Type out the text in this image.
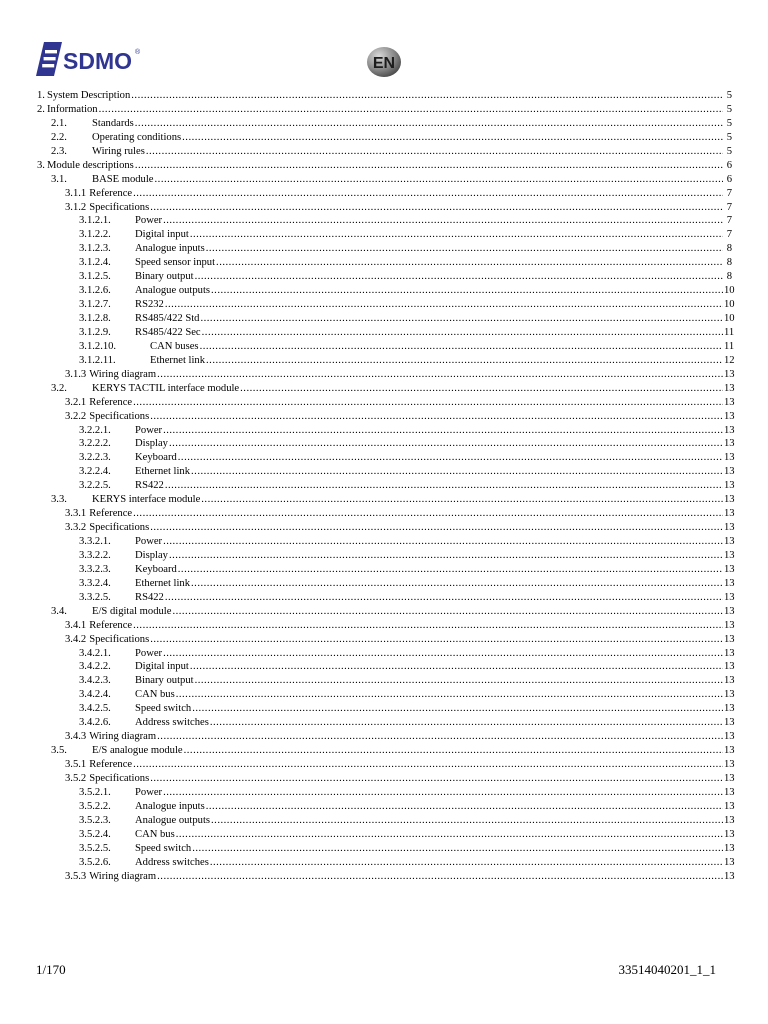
SDMO ®
EN
1. System Description .....	5
2. Information .....	5
2.1.	Standards .....	5
2.2.	Operating conditions .....	5
2.3.	Wiring rules .....	5
3. Module descriptions .....	6
3.1.	BASE module .....	6
3.1.1 Reference .....	7
3.1.2 Specifications .....	7
3.1.2.1.	Power .....	7
3.1.2.2.	Digital input .....	7
3.1.2.3.	Analogue inputs .....	8
3.1.2.4.	Speed sensor input .....	8
3.1.2.5.	Binary output .....	8
3.1.2.6.	Analogue outputs .....	10
3.1.2.7.	RS232 .....	10
3.1.2.8.	RS485/422 Std .....	10
3.1.2.9.	RS485/422 Sec .....	11
3.1.2.10.	CAN buses .....	11
3.1.2.11.	Ethernet link .....	12
3.1.3 Wiring diagram .....	13
3.2.	KERYS TACTIL interface module .....	13
3.2.1 Reference .....	13
3.2.2 Specifications .....	13
3.2.2.1.	Power .....	13
3.2.2.2.	Display .....	13
3.2.2.3.	Keyboard .....	13
3.2.2.4.	Ethernet link .....	13
3.2.2.5.	RS422 .....	13
3.3.	KERYS interface module .....	13
3.3.1 Reference .....	13
3.3.2 Specifications .....	13
3.3.2.1.	Power .....	13
3.3.2.2.	Display .....	13
3.3.2.3.	Keyboard .....	13
3.3.2.4.	Ethernet link .....	13
3.3.2.5.	RS422 .....	13
3.4.	E/S digital module .....	13
3.4.1 Reference .....	13
3.4.2 Specifications .....	13
3.4.2.1.	Power .....	13
3.4.2.2.	Digital input .....	13
3.4.2.3.	Binary output .....	13
3.4.2.4.	CAN bus .....	13
3.4.2.5.	Speed switch .....	13
3.4.2.6.	Address switches .....	13
3.4.3 Wiring diagram .....	13
3.5.	E/S analogue module .....	13
3.5.1 Reference .....	13
3.5.2 Specifications .....	13
3.5.2.1.	Power .....	13
3.5.2.2.	Analogue inputs .....	13
3.5.2.3.	Analogue outputs .....	13
3.5.2.4.	CAN bus .....	13
3.5.2.5.	Speed switch .....	13
3.5.2.6.	Address switches .....	13
3.5.3 Wiring diagram .....	13
1/170	33514040201_1_1
